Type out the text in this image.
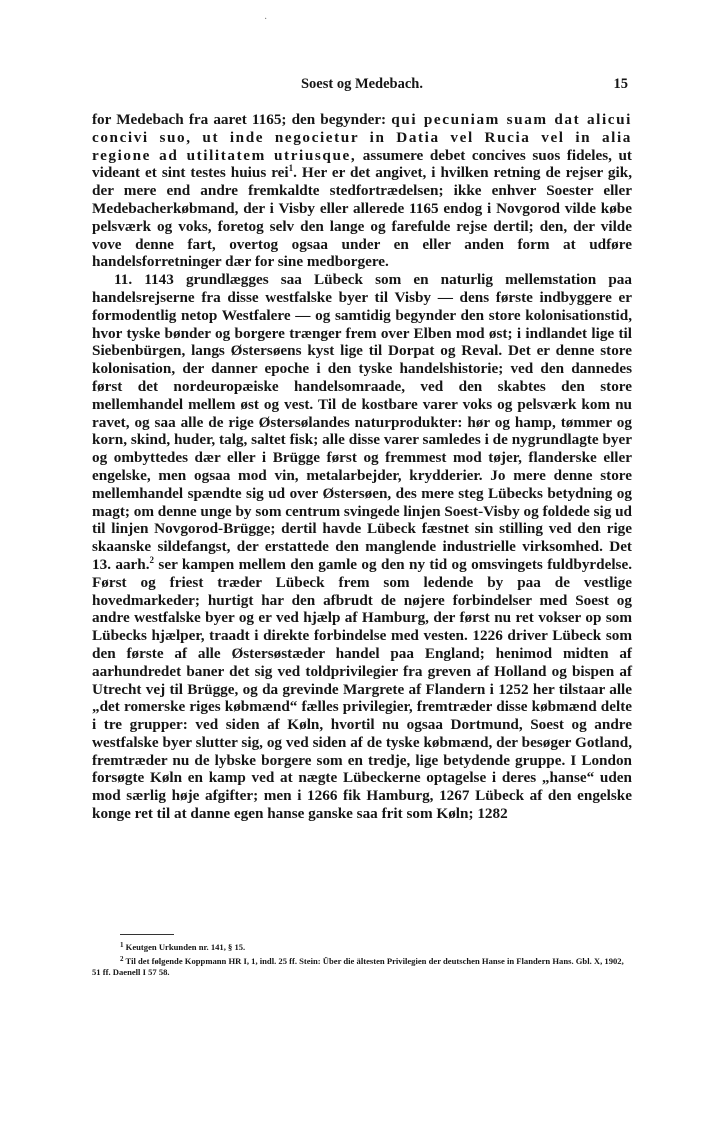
·
Soest og Medebach.	15

for Medebach fra aaret 1165; den begynder: qui pecuniam suam dat alicui concivi suo, ut inde negocietur in Datia vel Rucia vel in alia regione ad utilitatem utriusque, assumere debet concives suos fideles, ut videant et sint testes huius rei$^1$. Her er det angivet, i hvilken retning de rejser gik, der mere end andre fremkaldte stedfortrædelsen; ikke enhver Soester eller Medebacherkøbmand, der i Visby eller allerede 1165 endog i Novgorod vilde købe pelsværk og voks, foretog selv den lange og farefulde rejse dertil; den, der vilde vove denne fart, overtog ogsaa under en eller anden form at udføre handelsforretninger dær for sine medborgere.

11. 1143 grundlægges saa Lübeck som en naturlig mellemstation paa handelsrejserne fra disse westfalske byer til Visby — dens første indbyggere er formodentlig netop Westfalere — og samtidig begynder den store kolonisationstid, hvor tyske bønder og borgere trænger frem over Elben mod øst; i indlandet lige til Siebenbürgen, langs Østersøens kyst lige til Dorpat og Reval. Det er denne store kolonisation, der danner epoche i den tyske handelshistorie; ved den dannedes først det nordeuropæiske handelsomraade, ved den skabtes den store mellemhandel mellem øst og vest. Til de kostbare varer voks og pelsværk kom nu ravet, og saa alle de rige Østersølandes naturprodukter: hør og hamp, tømmer og korn, skind, huder, talg, saltet fisk; alle disse varer samledes i de nygrundlagte byer og ombyttedes dær eller i Brügge først og fremmest mod tøjer, flanderske eller engelske, men ogsaa mod vin, metalarbejder, krydderier. Jo mere denne store mellemhandel spændte sig ud over Østersøen, des mere steg Lübecks betydning og magt; om denne unge by som centrum svingede linjen Soest-Visby og foldede sig ud til linjen Novgorod-Brügge; dertil havde Lübeck fæstnet sin stilling ved den rige skaanske sildefangst, der erstattede den manglende industrielle virksomhed. Det 13. aarh.$^2$ ser kampen mellem den gamle og den ny tid og omsvingets fuldbyrdelse. Først og friest træder Lübeck frem som ledende by paa de vestlige hovedmarkeder; hurtigt har den afbrudt de nøjere forbindelser med Soest og andre westfalske byer og er ved hjælp af Hamburg, der først nu ret vokser op som Lübecks hjælper, traadt i direkte forbindelse med vesten. 1226 driver Lübeck som den første af alle Østersøstæder handel paa England; henimod midten af aarhundredet baner det sig ved toldprivilegier fra greven af Holland og bispen af Utrecht vej til Brügge, og da grevinde Margrete af Flandern i 1252 her tilstaar alle „det romerske riges købmænd“ fælles privilegier, fremtræder disse købmænd delte i tre grupper: ved siden af Køln, hvortil nu ogsaa Dortmund, Soest og andre westfalske byer slutter sig, og ved siden af de tyske købmænd, der besøger Gotland, fremtræder nu de lybske borgere som en tredje, lige betydende gruppe. I London forsøgte Køln en kamp ved at nægte Lübeckerne optagelse i deres „hanse“ uden mod særlig høje afgifter; men i 1266 fik Hamburg, 1267 Lübeck af den engelske konge ret til at danne egen hanse ganske saa frit som Køln; 1282

$^1$ Keutgen Urkunden nr. 141, § 15.

$^2$ Til det følgende Koppmann HR I, 1, indl. 25 ff. Stein: Über die ältesten Privilegien der deutschen Hanse in Flandern Hans. Gbl. X, 1902, 51 ff. Daenell I 57 58.
